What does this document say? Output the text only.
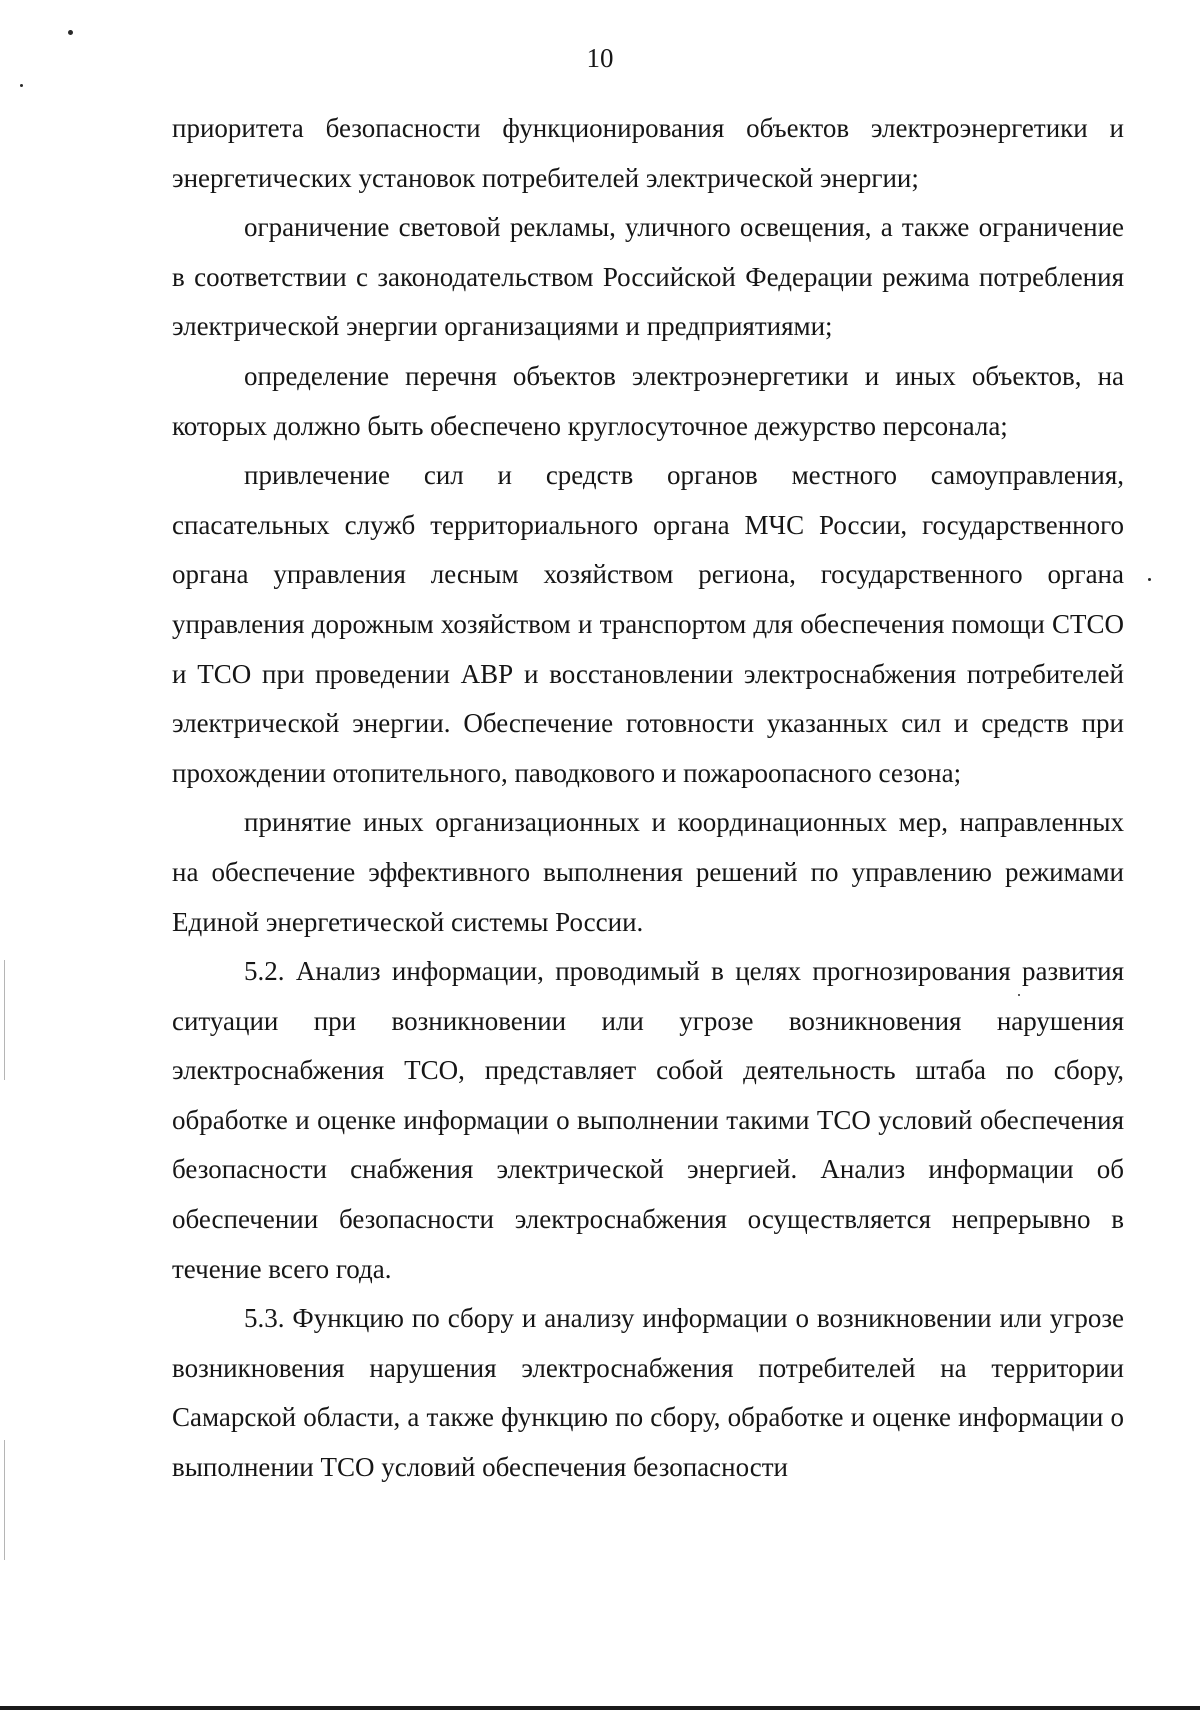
10

приоритета безопасности функционирования объектов электроэнергетики и энергетических установок потребителей электрической энергии;

ограничение световой рекламы, уличного освещения, а также ограничение в соответствии с законодательством Российской Федерации режима потребления электрической энергии организациями и предприятиями;

определение перечня объектов электроэнергетики и иных объектов, на которых должно быть обеспечено круглосуточное дежурство персонала;

привлечение сил и средств органов местного самоуправления, спасательных служб территориального органа МЧС России, государственного органа управления лесным хозяйством региона, государственного органа управления дорожным хозяйством и транспортом для обеспечения помощи СТСО и ТСО при проведении АВР и восстановлении электроснабжения потребителей электрической энергии. Обеспечение готовности указанных сил и средств при прохождении отопительного, паводкового и пожароопасного сезона;

принятие иных организационных и координационных мер, направленных на обеспечение эффективного выполнения решений по управлению режимами Единой энергетической системы России.

5.2. Анализ информации, проводимый в целях прогнозирования развития ситуации при возникновении или угрозе возникновения нарушения электроснабжения ТСО, представляет собой деятельность штаба по сбору, обработке и оценке информации о выполнении такими ТСО условий обеспечения безопасности снабжения электрической энергией. Анализ информации об обеспечении безопасности электроснабжения осуществляется непрерывно в течение всего года.

5.3. Функцию по сбору и анализу информации о возникновении или угрозе возникновения нарушения электроснабжения потребителей на территории Самарской области, а также функцию по сбору, обработке и оценке информации о выполнении ТСО условий обеспечения безопасности
